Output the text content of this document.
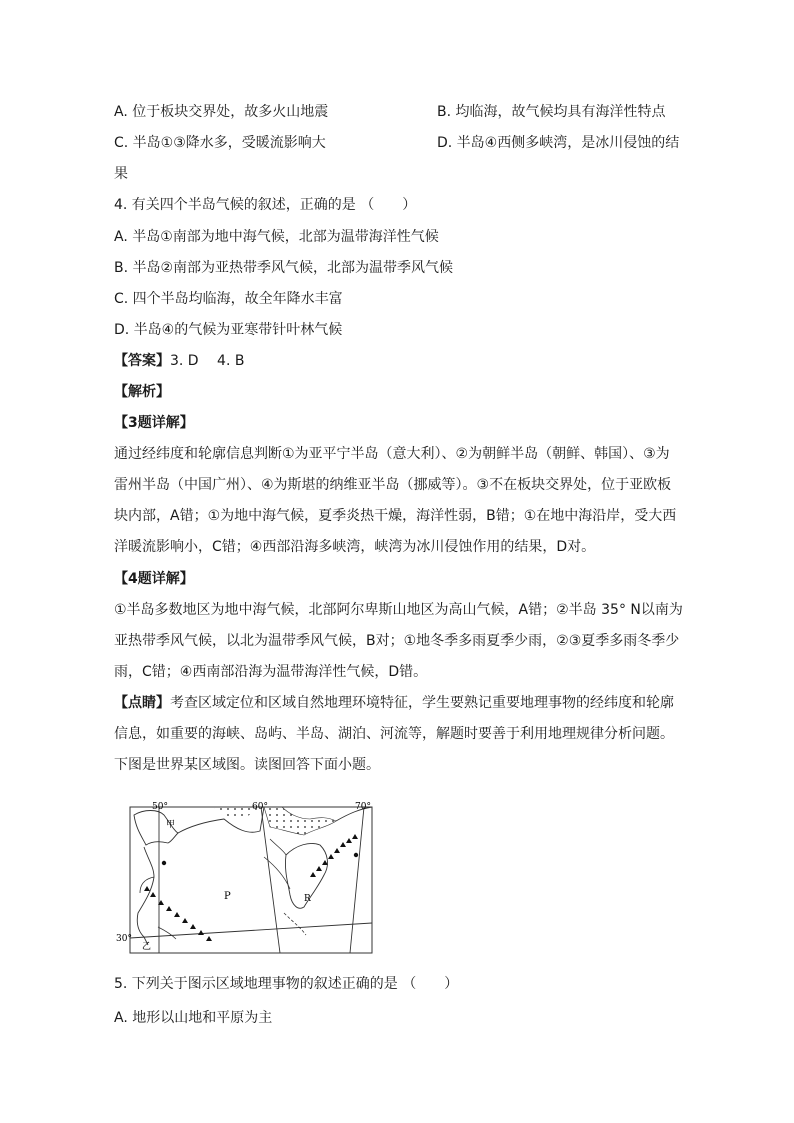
A. 位于板块交界处，故多火山地震	B. 均临海，故气候均具有海洋性特点
C. 半岛①③降水多，受暖流影响大	D. 半岛④西侧多峡湾，是冰川侵蚀的结
果
4. 有关四个半岛气候的叙述，正确的是 （　　）
A. 半岛①南部为地中海气候，北部为温带海洋性气候
B. 半岛②南部为亚热带季风气候，北部为温带季风气候
C. 四个半岛均临海，故全年降水丰富
D. 半岛④的气候为亚寒带针叶林气候
【答案】3. D　 4. B
【解析】
【3题详解】
通过经纬度和轮廓信息判断①为亚平宁半岛（意大利）、②为朝鲜半岛（朝鲜、韩国）、③为
雷州半岛（中国广州）、④为斯堪的纳维亚半岛（挪威等）。③不在板块交界处，位于亚欧板
块内部，A错；①为地中海气候，夏季炎热干燥，海洋性弱，B错；①在地中海沿岸，受大西
洋暖流影响小，C错；④西部沿海多峡湾，峡湾为冰川侵蚀作用的结果，D对。
【4题详解】
①半岛多数地区为地中海气候，北部阿尔卑斯山地区为高山气候，A错；②半岛 35° N以南为
亚热带季风气候，以北为温带季风气候，B对；①地冬季多雨夏季少雨，②③夏季多雨冬季少
雨，C错；④西南部沿海为温带海洋性气候，D错。
【点睛】考查区域定位和区域自然地理环境特征，学生要熟记重要地理事物的经纬度和轮廓
信息，如重要的海峡、岛屿、半岛、湖泊、河流等，解题时要善于利用地理规律分析问题。
下图是世界某区域图。读图回答下面小题。
50°	60°	70°
30°
甲
乙
P	R
5. 下列关于图示区域地理事物的叙述正确的是 （　　）
A. 地形以山地和平原为主
